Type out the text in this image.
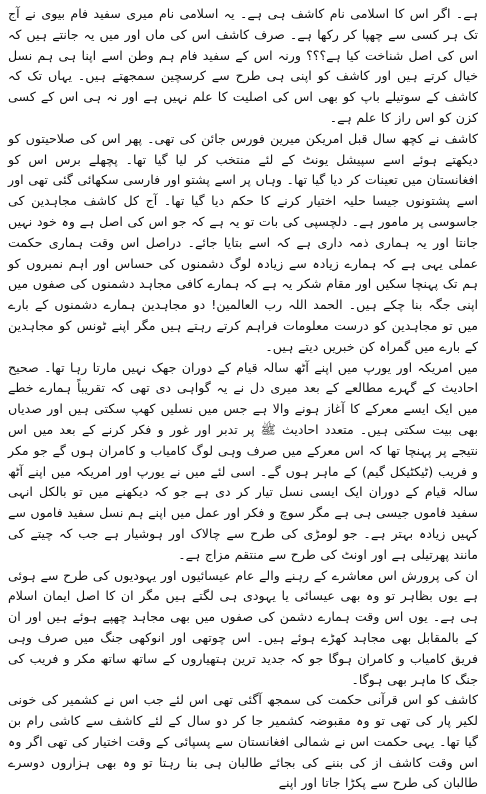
ہے۔ اگر اس کا اسلامی نام کاشف ہی ہے۔ یہ اسلامی نام میری سفید فام بیوی نے آج تک ہر کسی سے چھپا کر رکھا ہے۔ صرف کاشف اس کی ماں اور میں یہ جانتے ہیں کہ اس کی اصل شناخت کیا ہے؟؟؟ ورنہ اس کے سفید فام ہم وطن اسے اپنا ہی ہم نسل خیال کرتے ہیں اور کاشف کو اپنی ہی طرح سے کرسچین سمجھتے ہیں۔ یہاں تک کہ کاشف کے سوتیلے باپ کو بھی اس کی اصلیت کا علم نہیں ہے اور نہ ہی اس کے کسی کزن کو اس راز کا علم ہے۔

کاشف نے کچھ سال قبل امریکن میرین فورس جائن کی تھی۔ پھر اس کی صلاحیتوں کو دیکھتے ہوئے اسے سپیشل یونٹ کے لئے منتخب کر لیا گیا تھا۔ پچھلے برس اس کو افغانستان میں تعینات کر دیا گیا تھا۔ وہاں پر اسے پشتو اور فارسی سکھائی گئی تھی اور اسے پشتونوں جیسا حلیہ اختیار کرنے کا حکم دیا گیا تھا۔ آج کل کاشف مجاہدین کی جاسوسی پر مامور ہے۔ دلچسپی کی بات تو یہ ہے کہ جو اس کی اصل ہے وہ خود نہیں جانتا اور یہ ہماری ذمہ داری ہے کہ اسے بتایا جائے۔ دراصل اس وقت ہماری حکمت عملی یہی ہے کہ ہمارے زیادہ سے زیادہ لوگ دشمنوں کی حساس اور اہم نمبروں کو ہم تک پہنچا سکیں اور مقام شکر یہ ہے کہ ہمارے کافی مجاہد دشمنوں کی صفوں میں اپنی جگہ بنا چکے ہیں۔ الحمد اللہ رب العالمین! دو مجاہدین ہمارے دشمنوں کے بارے میں تو مجاہدین کو درست معلومات فراہم کرتے رہتے ہیں مگر اپنے ٹونس کو مجاہدین کے بارے میں گمراہ کن خبریں دیتے ہیں۔

میں امریکہ اور یورپ میں اپنے آٹھ سالہ قیام کے دوران جھک نہیں مارتا رہا تھا۔ صحیح احادیث کے گہرے مطالعے کے بعد میری دل نے یہ گواہی دی تھی کہ تقریباً ہمارے خطے میں ایک ایسے معرکے کا آغاز ہونے والا ہے جس میں نسلیں کھپ سکتی ہیں اور صدیاں بھی بیت سکتی ہیں۔ متعدد احادیث ﷺ پر تدبر اور غور و فکر کرنے کے بعد میں اس نتیجے پر پہنچا تھا کہ اس معرکے میں صرف وہی لوگ کامیاب و کامران ہوں گے جو مکر و فریب (ٹیکٹیکل گیم) کے ماہر ہوں گے۔ اسی لئے میں نے یورپ اور امریکہ میں اپنے آٹھ سالہ قیام کے دوران ایک ایسی نسل تیار کر دی ہے جو کہ دیکھنے میں تو بالکل انہی سفید فاموں جیسی ہی ہے مگر سوچ و فکر اور عمل میں اپنے ہم نسل سفید فاموں سے کہیں زیادہ بہتر ہے۔ جو لومڑی کی طرح سے چالاک اور ہوشیار ہے جب کہ چیتے کی مانند پھرتیلی ہے اور اونٹ کی طرح سے منتقم مزاج ہے۔

ان کی پرورش اس معاشرے کے رہنے والے عام عیسائیوں اور یہودیوں کی طرح سے ہوئی ہے یوں بظاہر تو وہ بھی عیسائی یا یہودی ہی لگتے ہیں مگر ان کا اصل ایمان اسلام ہی ہے۔ یوں اس وقت ہمارے دشمن کی صفوں میں بھی مجاہد چھپے ہوئے ہیں اور ان کے بالمقابل بھی مجاہد کھڑے ہوئے ہیں۔ اس چوتھی اور انوکھی جنگ میں صرف وہی فریق کامیاب و کامران ہوگا جو کہ جدید ترین ہتھیاروں کے ساتھ ساتھ مکر و فریب کی جنگ کا ماہر بھی ہوگا۔

کاشف کو اس قرآنی حکمت کی سمجھ آگئی تھی اس لئے جب اس نے کشمیر کی خونی لکیر پار کی تھی تو وہ مقبوضہ کشمیر جا کر دو سال کے لئے کاشف سے کاشی رام بن گیا تھا۔ یہی حکمت اس نے شمالی افغانستان سے پسپائی کے وقت اختیار کی تھی اگر وہ اس وقت کاشف از کی بننے کی بجائے طالبان ہی بنا رہتا تو وہ بھی ہزاروں دوسرے طالبان کی طرح سے پکڑا جاتا اور اپنے
